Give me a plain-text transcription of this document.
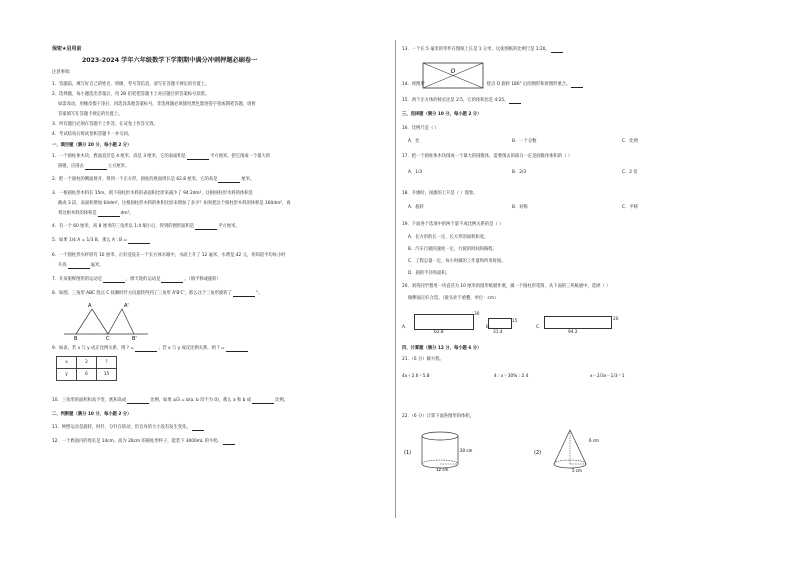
保密★启用前
2023-2024 学年六年级数学下学期期中满分冲刺押题必刷卷一
注意事项:
1．答题前，填写好自己的姓名、班级、考号等信息，请写在答题卡规定的位置上。
2．选择题，每小题选出答案后，用 2B 铅笔把答题卡上对应题目的答案标号涂黑。
如需改动，用橡皮擦干净后，再选涂其他答案标号。非选择题必须使用黑色墨迹签字笔或钢笔答题，请将
答案填写在答题卡规定的位置上。
3．所有题目必须在答题卡上作答，在试卷上作答无效。
4．考试结束后将试卷和答题卡一并交回。
一、填空题（满分 20 分，每小题 2 分）
1．一个圆柱体木块，底面直径是 4 厘米，高是 3 厘米，它的表面积是	平方厘米。把它削成一个最大的
圆锥，应削去	立方厘米。
2．把一个圆柱的侧面展开，得到一个正方形，圆柱的底面周长是 62.8 厘米，它的高是	厘米。
3．一根圆柱形木料长 15m，削下圆柱形木料的表面积比原来减少了 94.2dm²，这根圆柱形木料的体积是
截成 3 段，表面积增加 64dm²，这根圆柱形木料的体积比原来增加了多少？如果把这个圆柱形木料的体积是 160dm²，再
将这根木料的体积是	dm³。
4．有一个 60 厘米，高 8 厘米的三角形以 1:4 缩小后，得到的图形面积是	平方厘米。
5．如果 1/4 A = 1/3 B，那么 A : B =
6．一个圆柱形水杯原有 10 厘米，正好浸没在一个长方体水箱中，水面上升了 12 毫米，水费是 42 元，你知道平均每小时
升高	毫米。
7．开屏旅鲜图形的运动是	，摩天轮的运动是	。（填平移或旋转）
8．如图，三角形 ABC 绕点 C 按顺时针方向旋转得到了三角形 A'B'C'，那么这个三角形旋转了	°。
A	A'
B	C	B'
9．如表，若 x 与 y 成正比例关系，则 ? =	；若 x 与 y 成反比例关系，则 ? =
x	2	?
y	6	15
10．三角形的面积和高不变，底和高成	比例，如果 a/3 = b(a, b 均不为 0)，那么 a 和 b 成	比例。
二、判断题（满分 10 分，每小题 2 分）
11．钟摆运动是旋转，时针、分针在转动，但自身的大小没有发生变化。
12．一个底面内的周长是 14cm，高为 20cm 的圆柱形杯子，能装下 3000mL 的牛奶。
13．一个长 5 毫米的零件在图纸上长是 1 分米，这张图纸的比例尺是 1:20。
14．将图形	绕点 O 旋转 180° 后的图形和原图形重合。
O
15．两个正方体的棱长比是 2:5，它的体积比是 4:25。
三、选择题（满分 10 分，每小题 2 分）
16．比例尺是（ ）
A．比	B．一个分数	C．比例
17．把一个圆柱体木块削成一个最大的圆锥体，需要削去的部分一定是圆锥体体积的（ ）
A．1/3	B．2/3	C．2 倍
18．升旗时，国旗的上升是（ ）现象。
A．旋转	B．对称	C．平移
19．下面各个选项中的两个量不成比例关系的是（ ）
A．长方形的长一定，长方形的面积和宽。
B．汽车行驶的速度一定，行驶的时间和路程。
C．工程总量一定，每小时做的工作量和所用时间。
D．圆的半径和面积。
20．刘英同学想用一块直径为 10 厘米的圆形纸板作底，做一个圆柱形笔筒，从下面的三块纸板中，选择（ ）
做侧面正好合适。（接头处不重叠，单位：cm）
A．
30
62.8
B．
15
31.4
C．
20
94.2
四、计算题（满分 12 分，每小题 6 分）
21．（6 分）解方程。
4x＋2.6＝5.8	4 : x＝30% : 2.4	x－2/3x－1/3＝1
22．（6 分）计算下面各图形的体积。
(1)	20 cm
12 cm
(2)
6 cm
5 cm
